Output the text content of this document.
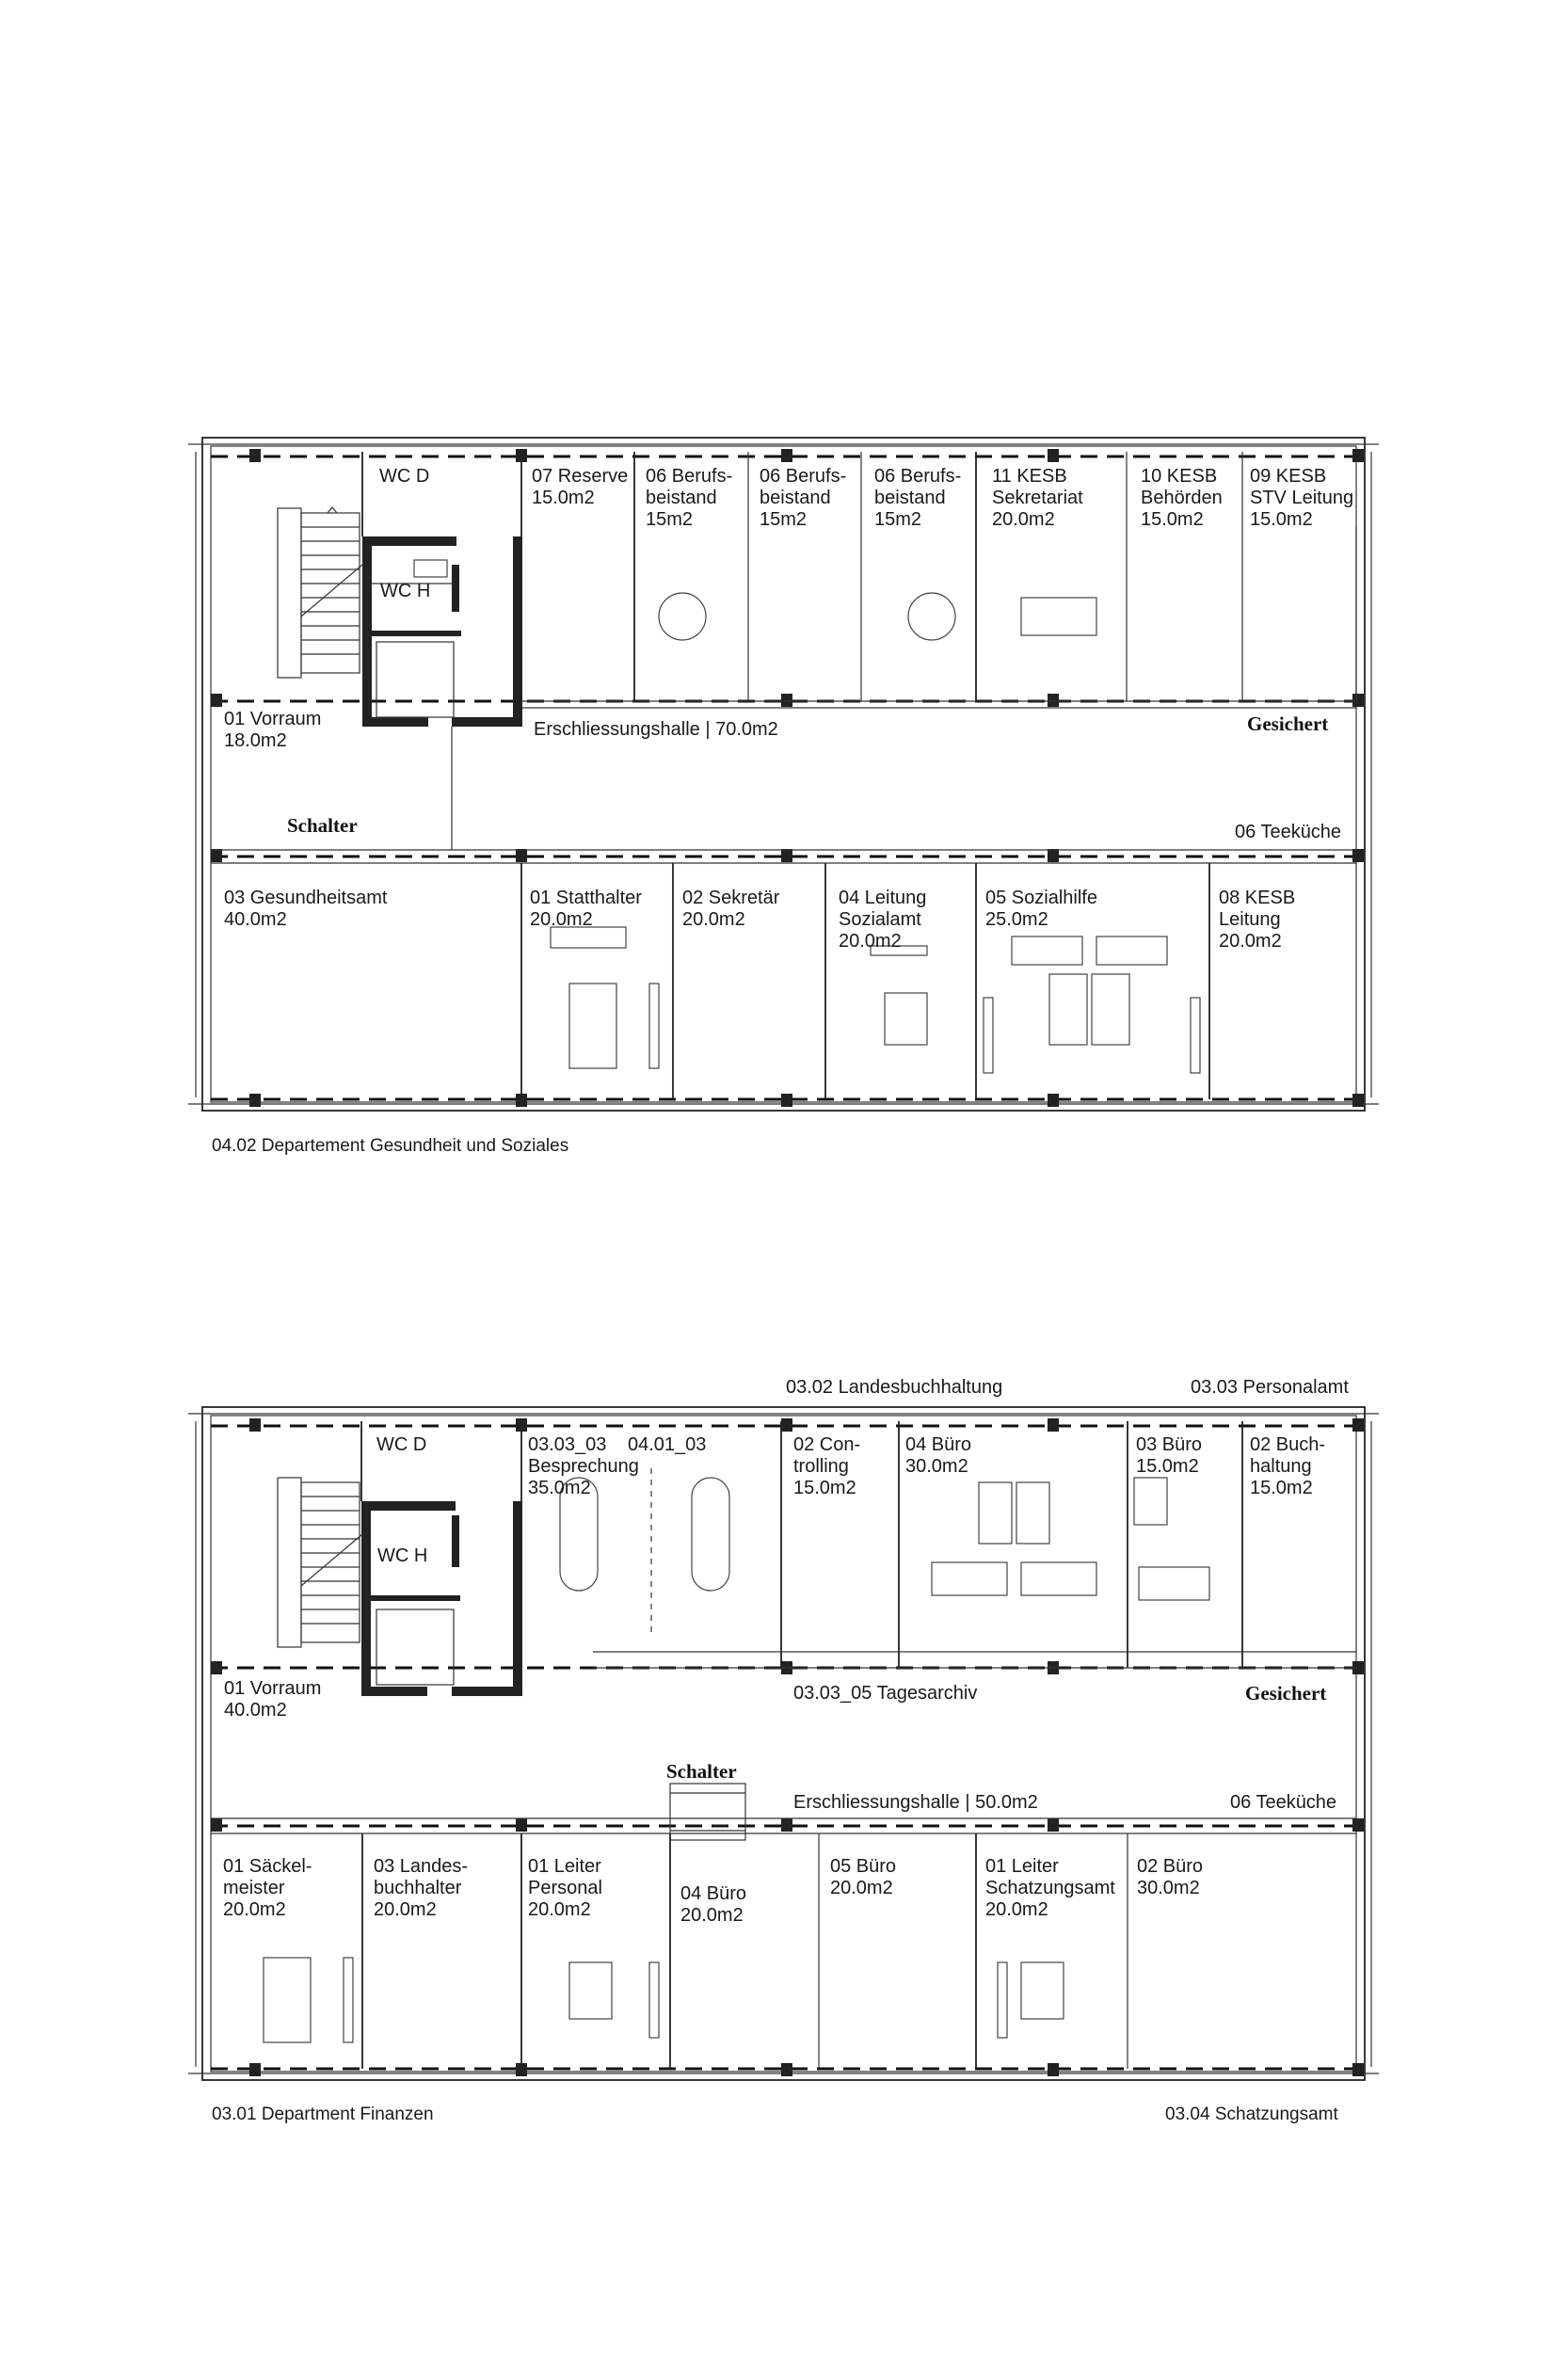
WC D
WC H
07 Reserve 15.0m2
06 Berufs-beistand 15m2
06 Berufs-beistand 15m2
06 Berufs-beistand 15m2
11 KESB Sekretariat 20.0m2
10 KESB Behörden 15.0m2
09 KESB STV Leitung 15.0m2
01 Vorraum 18.0m2
Erschliessungshalle | 70.0m2	Gesichert
Schalter	06 Teeküche
03 Gesundheitsamt 40.0m2
01 Statthalter 20.0m2
02 Sekretär 20.0m2
04 Leitung Sozialamt 20.0m2
05 Sozialhilfe 25.0m2
08 KESB Leitung 20.0m2
04.02 Departement Gesundheit und Soziales
03.02 Landesbuchhaltung	03.03 Personalamt
WC D
WC H
03.03_03 Besprechung 35.0m2
04.01_03	02 Con-trolling 15.0m2
04 Büro 30.0m2
03 Büro 15.0m2
02 Buch-haltung 15.0m2
01 Vorraum 40.0m2
03.03_05 Tagesarchiv	Gesichert
Schalter
Erschliessungshalle | 50.0m2	06 Teeküche
01 Säckel-meister 20.0m2
03 Landes-buchhalter 20.0m2
01 Leiter Personal 20.0m2
04 Büro 20.0m2
05 Büro 20.0m2
01 Leiter Schatzungsamt 20.0m2
02 Büro 30.0m2
03.01 Department Finanzen	03.04 Schatzungsamt
